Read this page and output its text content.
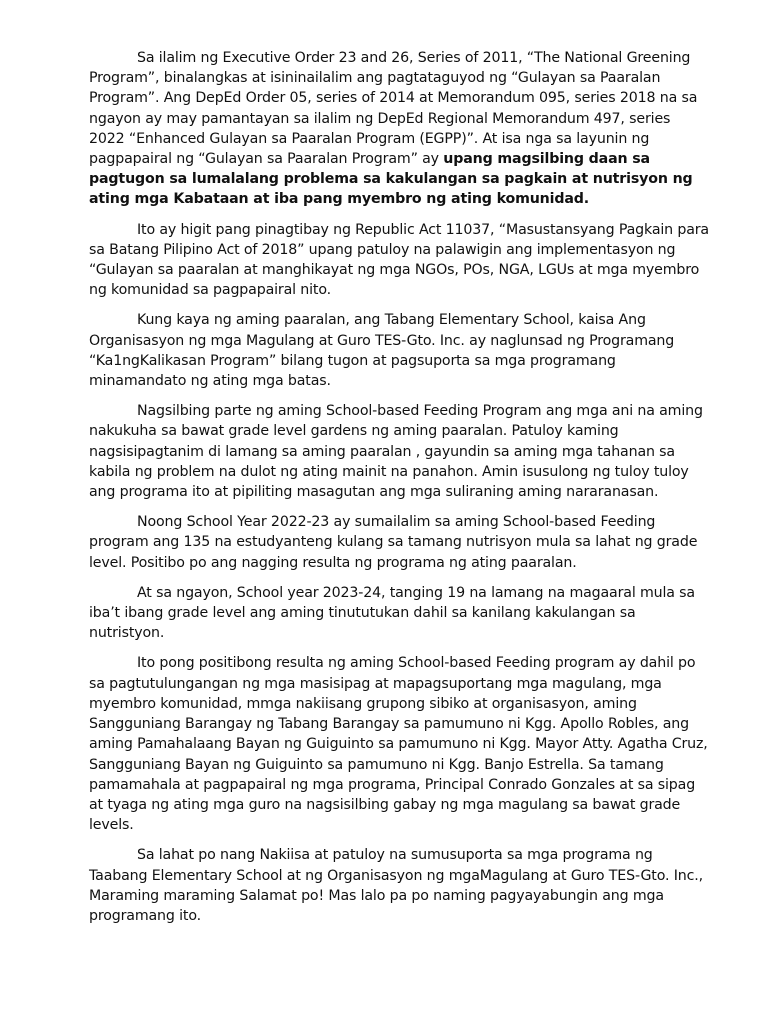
Sa ilalim ng Executive Order 23 and 26, Series of 2011, “The National Greening Program”, binalangkas at isininailalim ang pagtataguyod ng “Gulayan sa Paaralan Program”. Ang DepEd Order 05, series of 2014 at Memorandum 095, series 2018 na sa ngayon ay may pamantayan sa ilalim ng DepEd Regional Memorandum 497, series 2022 “Enhanced Gulayan sa Paaralan Program (EGPP)”. At isa nga sa layunin ng pagpapairal ng “Gulayan sa Paaralan Program” ay upang magsilbing daan sa pagtugon sa lumalalang problema sa kakulangan sa pagkain at nutrisyon ng ating mga Kabataan at iba pang myembro ng ating komunidad.

Ito ay higit pang pinagtibay ng Republic Act 11037, “Masustansyang Pagkain para sa Batang Pilipino Act of 2018” upang patuloy na palawigin ang implementasyon ng “Gulayan sa paaralan at manghikayat ng mga NGOs, POs, NGA, LGUs at mga myembro ng komunidad sa pagpapairal nito.

Kung kaya ng aming paaralan, ang Tabang Elementary School, kaisa Ang Organisasyon ng mga Magulang at Guro TES-Gto. Inc. ay naglunsad ng Programang “Ka1ngKalikasan Program” bilang tugon at pagsuporta sa mga programang minamandato ng ating mga batas.

Nagsilbing parte ng aming School-based Feeding Program ang mga ani na aming nakukuha sa bawat grade level gardens ng aming paaralan. Patuloy kaming nagsisipagtanim di lamang sa aming paaralan , gayundin sa aming mga tahanan sa kabila ng problem na dulot ng ating mainit na panahon. Amin isusulong ng tuloy tuloy ang programa ito at pipiliting masagutan ang mga suliraning aming nararanasan.

Noong School Year 2022-23 ay sumailalim sa aming School-based Feeding program ang 135 na estudyanteng kulang sa tamang nutrisyon mula sa lahat ng grade level. Positibo po ang nagging resulta ng programa ng ating paaralan.

At sa ngayon, School year 2023-24, tanging 19 na lamang na magaaral mula sa iba’t ibang grade level ang aming tinututukan dahil sa kanilang kakulangan sa nutristyon.

Ito pong positibong resulta ng aming School-based Feeding program ay dahil po sa pagtutulungangan ng mga masisipag at mapagsuportang mga magulang, mga myembro komunidad, mmga nakiisang grupong sibiko at organisasyon, aming Sangguniang Barangay ng Tabang Barangay sa pamumuno ni Kgg. Apollo Robles, ang aming Pamahalaang Bayan ng Guiguinto sa pamumuno ni Kgg. Mayor Atty. Agatha Cruz, Sangguniang Bayan ng Guiguinto sa pamumuno ni Kgg. Banjo Estrella. Sa tamang pamamahala at pagpapairal ng mga programa, Principal Conrado Gonzales at sa sipag at tyaga ng ating mga guro na nagsisilbing gabay ng mga magulang sa bawat grade levels.

Sa lahat po nang Nakiisa at patuloy na sumusuporta sa mga programa ng Taabang Elementary School at ng Organisasyon ng mgaMagulang at Guro TES-Gto. Inc., Maraming maraming Salamat po! Mas lalo pa po naming pagyayabungin ang mga programang ito.
